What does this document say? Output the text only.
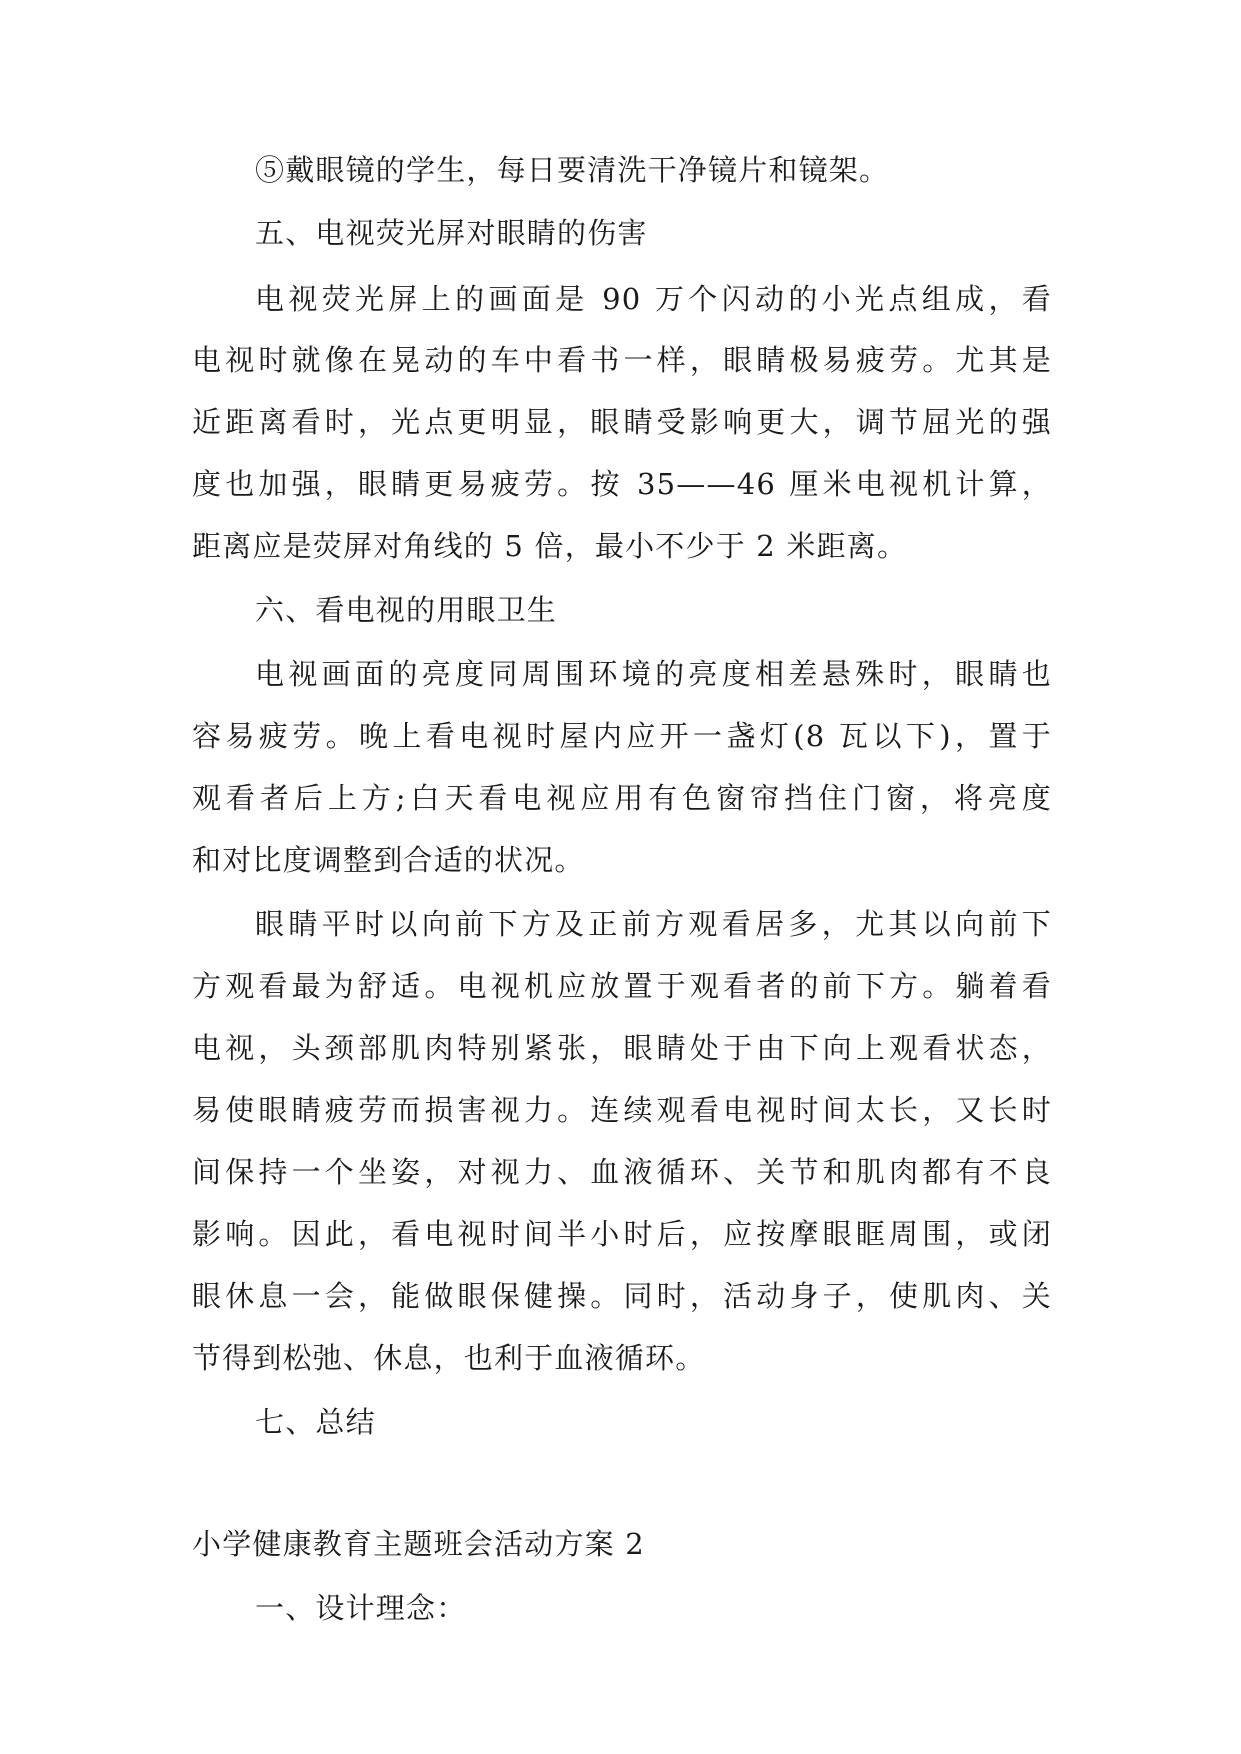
⑤戴眼镜的学生，每日要清洗干净镜片和镜架。
五、电视荧光屏对眼睛的伤害
电视荧光屏上的画面是 90 万个闪动的小光点组成，看
电视时就像在晃动的车中看书一样，眼睛极易疲劳。尤其是
近距离看时，光点更明显，眼睛受影响更大，调节屈光的强
度也加强，眼睛更易疲劳。按 35——46 厘米电视机计算，
距离应是荧屏对角线的 5 倍，最小不少于 2 米距离。
六、看电视的用眼卫生
电视画面的亮度同周围环境的亮度相差悬殊时，眼睛也
容易疲劳。晚上看电视时屋内应开一盏灯(8 瓦以下)，置于
观看者后上方;白天看电视应用有色窗帘挡住门窗，将亮度
和对比度调整到合适的状况。
眼睛平时以向前下方及正前方观看居多，尤其以向前下
方观看最为舒适。电视机应放置于观看者的前下方。躺着看
电视，头颈部肌肉特别紧张，眼睛处于由下向上观看状态，
易使眼睛疲劳而损害视力。连续观看电视时间太长，又长时
间保持一个坐姿，对视力、血液循环、关节和肌肉都有不良
影响。因此，看电视时间半小时后，应按摩眼眶周围，或闭
眼休息一会，能做眼保健操。同时，活动身子，使肌肉、关
节得到松弛、休息，也利于血液循环。
七、总结
小学健康教育主题班会活动方案 2
一、设计理念：
